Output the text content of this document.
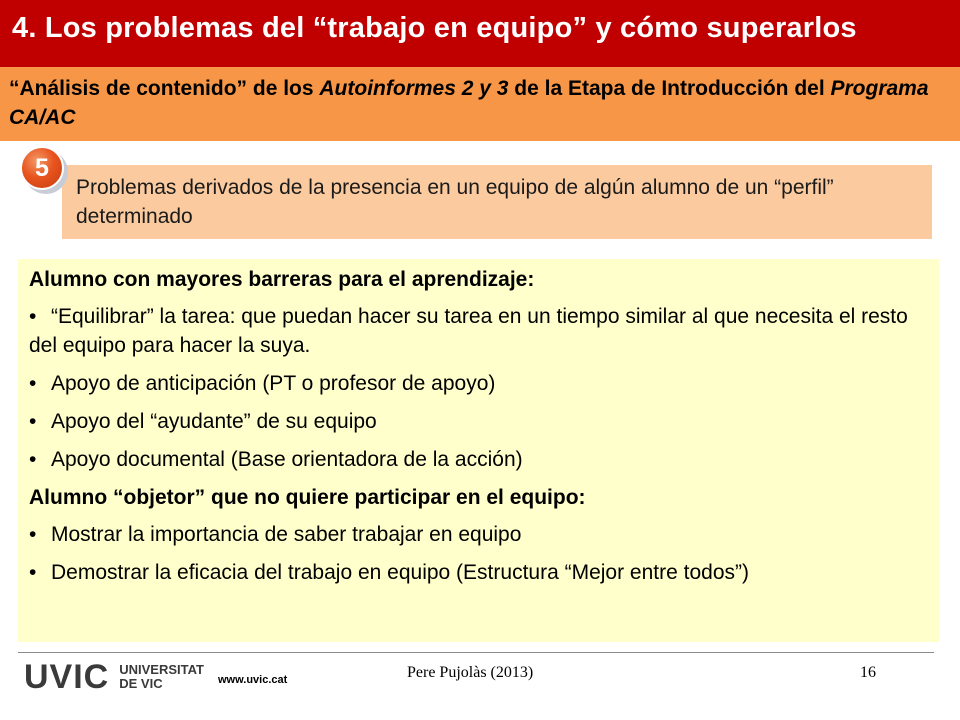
4. Los problemas del “trabajo en equipo” y cómo superarlos
“Análisis de contenido” de los Autoinformes 2 y 3 de la Etapa de Introducción del Programa CA/AC
Problemas derivados de la presencia en un equipo de algún alumno de un “perfil” determinado
5

Alumno con mayores barreras para el aprendizaje:

• “Equilibrar” la tarea: que puedan hacer su tarea en un tiempo similar al que necesita el resto del equipo para hacer la suya.

• Apoyo de anticipación (PT o profesor de apoyo)

• Apoyo del “ayudante” de su equipo

• Apoyo documental (Base orientadora de la acción)

Alumno “objetor” que no quiere participar en el equipo:

• Mostrar la importancia de saber trabajar en equipo

• Demostrar la eficacia del trabajo en equipo (Estructura “Mejor entre todos”)

UVIC UNIVERSITAT
DE VIC	www.uvic.cat	Pere Pujolàs (2013)	16
